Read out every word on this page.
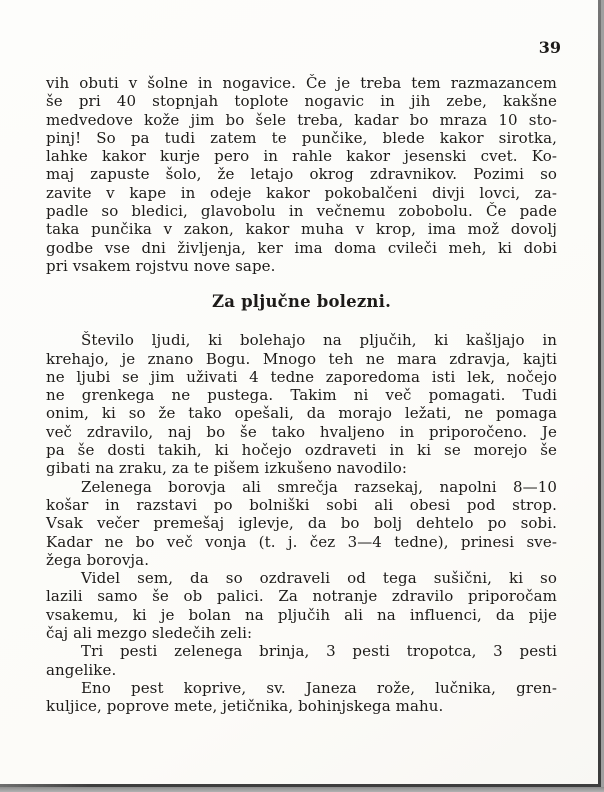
39
vih obuti v šolne in nogavice. Če je treba tem razmazancem
še pri 40 stopnjah toplote nogavic in jih zebe, kakšne
medvedove kože jim bo šele treba, kadar bo mraza 10 sto-
pinj! So pa tudi zatem te punčike, blede kakor sirotka,
lahke kakor kurje pero in rahle kakor jesenski cvet. Ko-
maj zapuste šolo, že letajo okrog zdravnikov. Pozimi so
zavite v kape in odeje kakor pokobalčeni divji lovci, za-
padle so bledici, glavobolu in večnemu zobobolu. Če pade
taka punčika v zakon, kakor muha v krop, ima mož dovolj
godbe vse dni življenja, ker ima doma cvileči meh, ki dobi
pri vsakem rojstvu nove sape.
Za pljučne bolezni.
Število ljudi, ki bolehajo na pljučih, ki kašljajo in
krehajo, je znano Bogu. Mnogo teh ne mara zdravja, kajti
ne ljubi se jim uživati 4 tedne zaporedoma isti lek, nočejo
ne grenkega ne pustega. Takim ni več pomagati. Tudi
onim, ki so že tako opešali, da morajo ležati, ne pomaga
več zdravilo, naj bo še tako hvaljeno in priporočeno. Je
pa še dosti takih, ki hočejo ozdraveti in ki se morejo še
gibati na zraku, za te pišem izkušeno navodilo:
Zelenega borovja ali smrečja razsekaj, napolni 8—10
košar in razstavi po bolniški sobi ali obesi pod strop.
Vsak večer premešaj iglevje, da bo bolj dehtelo po sobi.
Kadar ne bo več vonja (t. j. čez 3—4 tedne), prinesi sve-
žega borovja.
Videl sem, da so ozdraveli od tega sušični, ki so
lazili samo še ob palici. Za notranje zdravilo priporočam
vsakemu, ki je bolan na pljučih ali na influenci, da pije
čaj ali mezgo sledečih zeli:
Tri pesti zelenega brinja, 3 pesti tropotca, 3 pesti
angelike.
Eno pest koprive, sv. Janeza rože, lučnika, gren-
kuljice, poprove mete, jetičnika, bohinjskega mahu.
